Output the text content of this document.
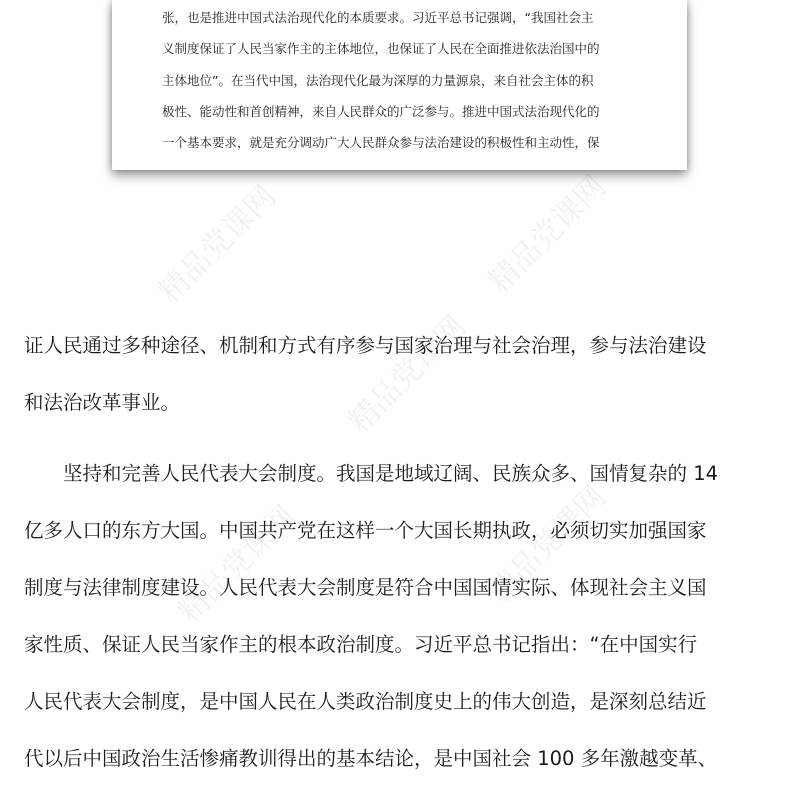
张，也是推进中国式法治现代化的本质要求。习近平总书记强调，“我国社会主
义制度保证了人民当家作主的主体地位，也保证了人民在全面推进依法治国中的
主体地位”。在当代中国，法治现代化最为深厚的力量源泉，来自社会主体的积
极性、能动性和首创精神，来自人民群众的广泛参与。推进中国式法治现代化的
一个基本要求，就是充分调动广大人民群众参与法治建设的积极性和主动性，保
证人民通过多种途径、机制和方式有序参与国家治理与社会治理，参与法治建设
和法治改革事业。
　　坚持和完善人民代表大会制度。我国是地域辽阔、民族众多、国情复杂的 14
亿多人口的东方大国。中国共产党在这样一个大国长期执政，必须切实加强国家
制度与法律制度建设。人民代表大会制度是符合中国国情实际、体现社会主义国
家性质、保证人民当家作主的根本政治制度。习近平总书记指出：“在中国实行
人民代表大会制度，是中国人民在人类政治制度史上的伟大创造，是深刻总结近
代以后中国政治生活惨痛教训得出的基本结论，是中国社会 100 多年激越变革、
精品党课网	精品党课网
精品党课网
精品党课网	精品党课网
